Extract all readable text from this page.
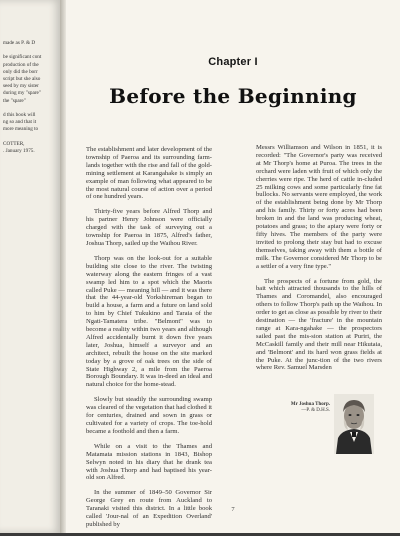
made as P. & D
be significant cont
production of the
only did the borr
script but she also
seed by my sister
during my "spare"
the "spare"
d this book will
ng so and that it
more meaning to
COTTER,
. January 1975.
Chapter I
Before the Beginning

The establishment and later development of the township of Paeroa and its surrounding farm-lands together with the rise and fall of the gold-mining settlement at Karangahake is simply an example of man following what appeared to be the most natural course of action over a period of one hundred years.

Thirty-five years before Alfred Thorp and his partner Henry Johnson were officially charged with the task of surveying out a township for Paeroa in 1875, Alfred's father, Joshua Thorp, sailed up the Waihou River.

Thorp was on the look-out for a suitable building site close to the river. The twisting waterway along the eastern fringes of a vast swamp led him to a spot which the Maoris called Puke — meaning hill — and it was there that the 44-year-old Yorkshireman began to build a house, a farm and a future on land sold to him by Chief Tukukino and Taraia of the Ngati-Tamatera tribe. "Belmont" was to become a reality within two years and although Alfred accidentally burnt it down five years later, Joshua, himself a surveyor and an architect, rebuilt the house on the site marked today by a grove of oak trees on the side of State Highway 2, a mile from the Paeroa Borough Boundary. It was in-deed an ideal and natural choice for the home-stead.

Slowly but steadily the surrounding swamp was cleared of the vegetation that had clothed it for centuries, drained and sown in grass or cultivated for a variety of crops. The toe-hold became a foothold and then a farm.

While on a visit to the Thames and Matamata mission stations in 1843, Bishop Selwyn noted in his diary that he drank tea with Joshua Thorp and had baptised his year-old son Alfred.

In the summer of 1849–50 Governor Sir George Grey en route from Auckland to Taranaki visited this district. In a little book called 'Jour-nal of an Expedition Overland' published by

Messrs Williamson and Wilson in 1851, it is recorded: "The Governor's party was received at Mr Thorp's home at Puroa. The trees in the orchard were laden with fruit of which only the cherries were ripe. The herd of cattle in-cluded 25 milking cows and some particularly fine fat bullocks. No servants were employed, the work of the establishment being done by Mr Thorp and his family. Thirty or forty acres had been broken in and the land was producing wheat, potatoes and grass; to the apiary were forty or fifty hives. The members of the party were invited to prolong their stay but had to excuse themselves, taking away with them a bottle of milk. The Governor considered Mr Thorp to be a settler of a very fine type."

The prospects of a fortune from gold, the bait which attracted thousands to the hills of Thames and Coromandel, also encouraged others to follow Thorp's path up the Waihou. In order to get as close as possible by river to their destination — the 'fracture' in the mountain range at Kara-ngahake — the prospectors sailed past the mis-sion station at Puriri, the McCaskill family and their mill near Hikutaia, and 'Belmont' and its hard won grass fields at the Puke. At the junc-tion of the two rivers where Rev. Samuel Marsden

Mr Joshua Thorp.
—P. & D.H.S.
7
